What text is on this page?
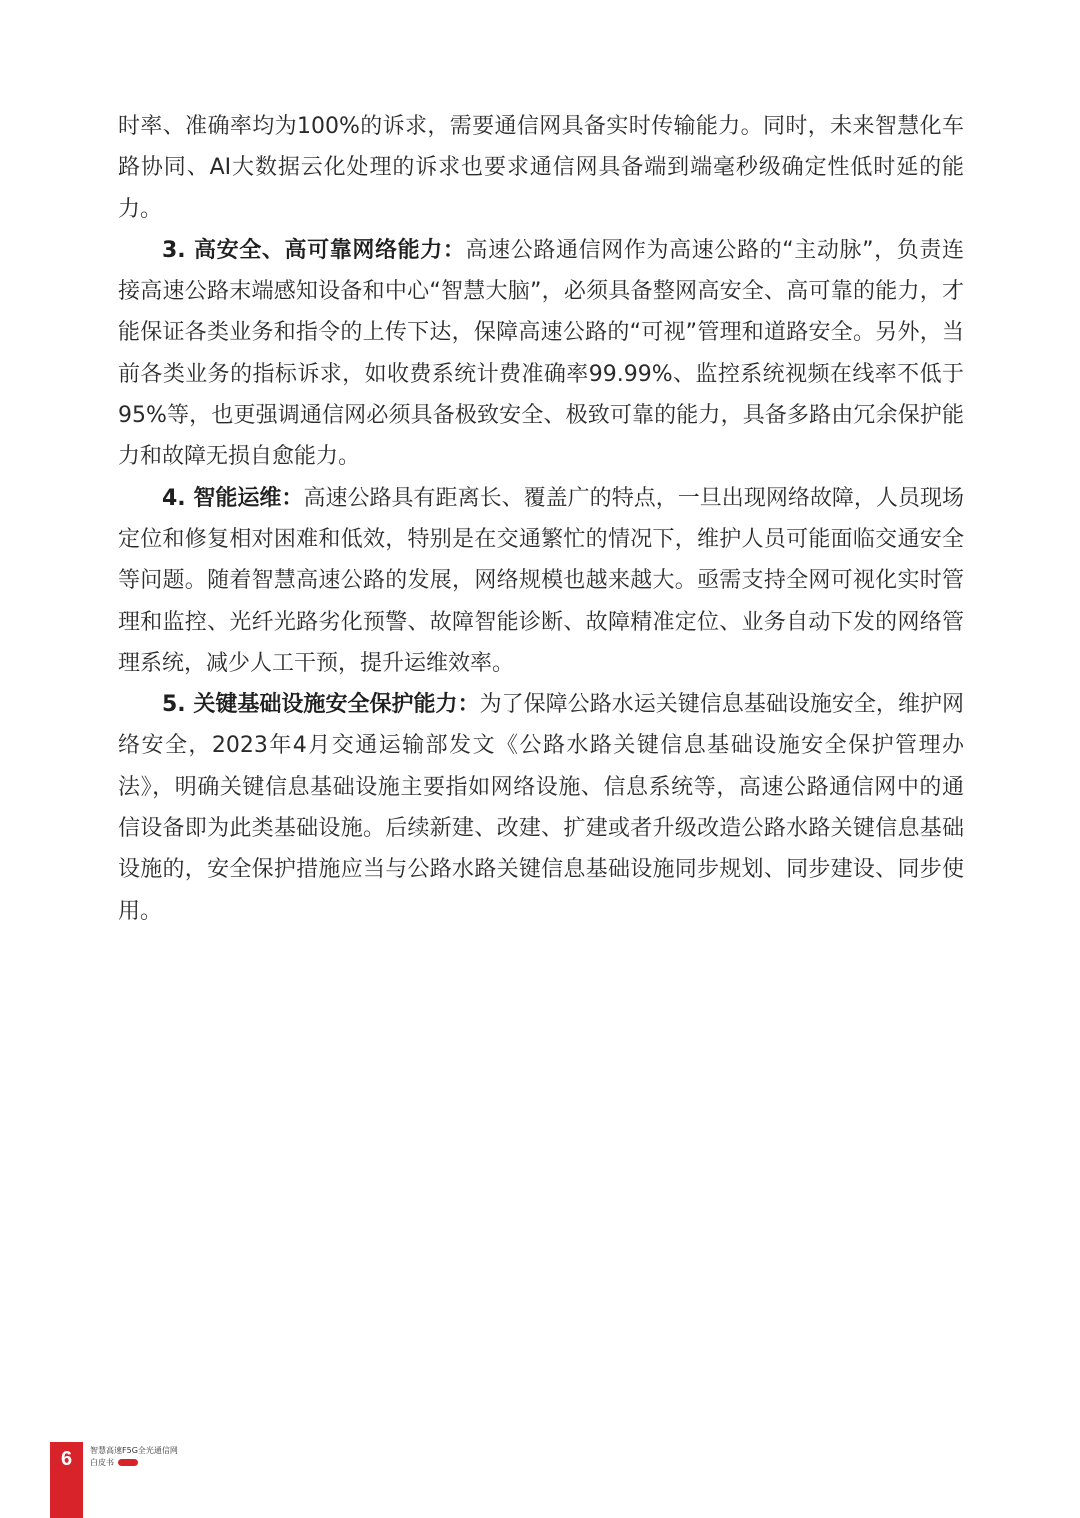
时率、准确率均为100%的诉求，需要通信网具备实时传输能力。同时，未来智慧化车路协同、AI大数据云化处理的诉求也要求通信网具备端到端毫秒级确定性低时延的能力。

3. 高安全、高可靠网络能力：高速公路通信网作为高速公路的“主动脉”，负责连接高速公路末端感知设备和中心“智慧大脑”，必须具备整网高安全、高可靠的能力，才能保证各类业务和指令的上传下达，保障高速公路的“可视”管理和道路安全。另外，当前各类业务的指标诉求，如收费系统计费准确率99.99%、监控系统视频在线率不低于95%等，也更强调通信网必须具备极致安全、极致可靠的能力，具备多路由冗余保护能力和故障无损自愈能力。

4. 智能运维：高速公路具有距离长、覆盖广的特点，一旦出现网络故障，人员现场定位和修复相对困难和低效，特别是在交通繁忙的情况下，维护人员可能面临交通安全等问题。随着智慧高速公路的发展，网络规模也越来越大。亟需支持全网可视化实时管理和监控、光纤光路劣化预警、故障智能诊断、故障精准定位、业务自动下发的网络管理系统，减少人工干预，提升运维效率。

5. 关键基础设施安全保护能力：为了保障公路水运关键信息基础设施安全，维护网络安全，2023年4月交通运输部发文《公路水路关键信息基础设施安全保护管理办法》，明确关键信息基础设施主要指如网络设施、信息系统等，高速公路通信网中的通信设备即为此类基础设施。后续新建、改建、扩建或者升级改造公路水路关键信息基础设施的，安全保护措施应当与公路水路关键信息基础设施同步规划、同步建设、同步使用。

6	智慧高速F5G全光通信网
白皮书
